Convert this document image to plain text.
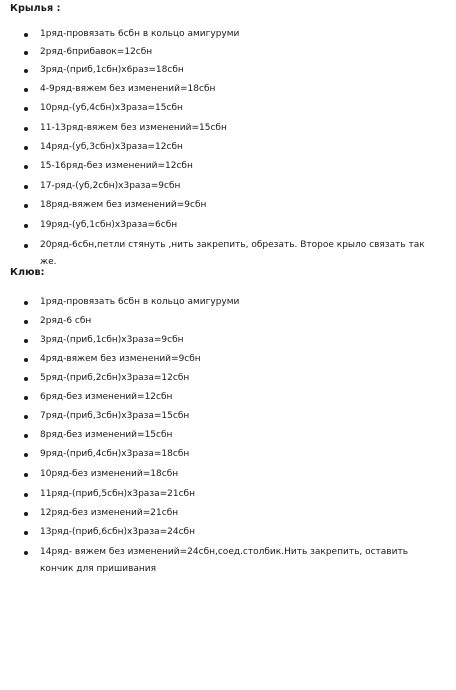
Крылья :
1ряд-провязать 6сбн в кольцо амигуруми
2ряд-6прибавок=12сбн
3ряд-(приб,1сбн)х6раз=18сбн
4-9ряд-вяжем без изменений=18сбн
10ряд-(уб,4сбн)х3раза=15сбн
11-13ряд-вяжем без изменений=15сбн
14ряд-(уб,3сбн)х3раза=12сбн
15-16ряд-без изменений=12сбн
17-ряд-(уб,2сбн)х3раза=9сбн
18ряд-вяжем без изменений=9сбн
19ряд-(уб,1сбн)х3раза=6сбн
20ряд-6сбн,петли стянуть ,нить закрепить, обрезать. Второе крыло связать так же.
Клюв:
1ряд-провязать 6сбн в кольцо амигуруми
2ряд-6 сбн
3ряд-(приб,1сбн)х3раза=9сбн
4ряд-вяжем без изменений=9сбн
5ряд-(приб,2сбн)х3раза=12сбн
6ряд-без изменений=12сбн
7ряд-(приб,3сбн)х3раза=15сбн
8ряд-без изменений=15сбн
9ряд-(приб,4сбн)х3раза=18сбн
10ряд-без изменений=18сбн
11ряд-(приб,5сбн)х3раза=21сбн
12ряд-без изменений=21сбн
13ряд-(приб,6сбн)х3раза=24сбн
14ряд- вяжем без изменений=24сбн,соед.столбик.Нить закрепить, оставить кончик для пришивания
